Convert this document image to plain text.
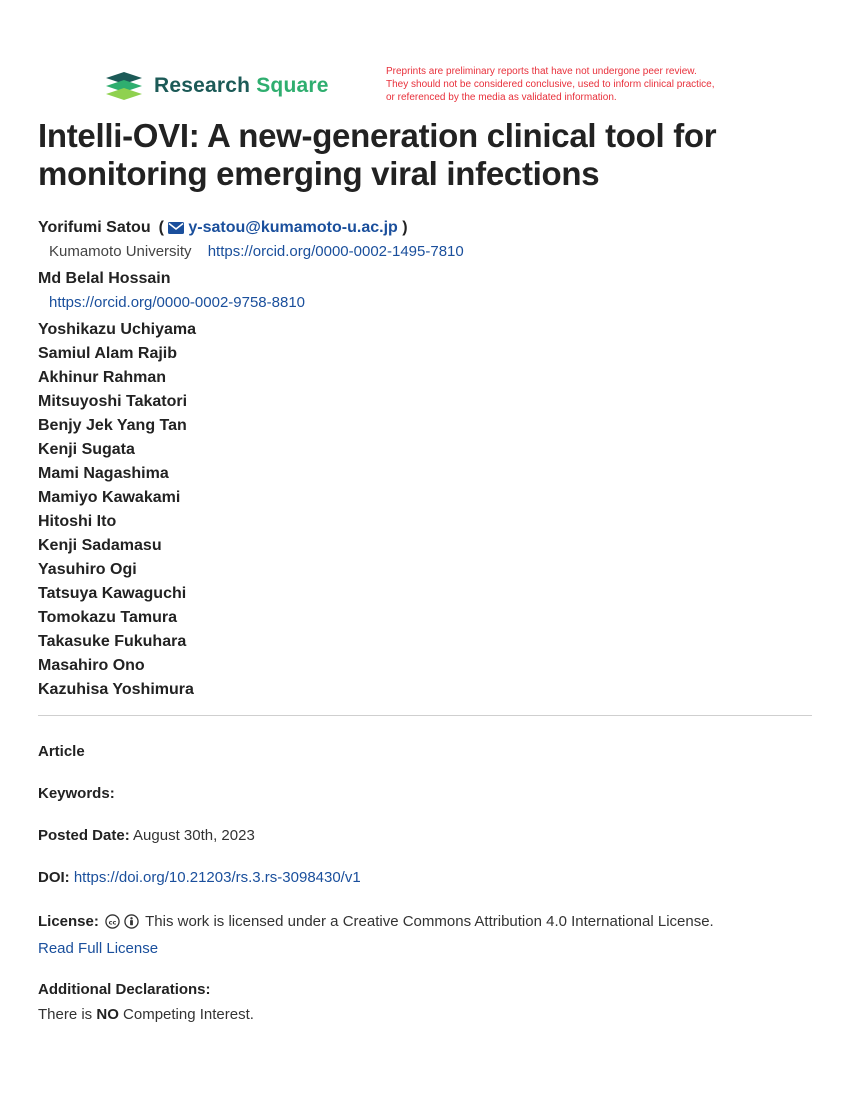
Research Square
Preprints are preliminary reports that have not undergone peer review.
They should not be considered conclusive, used to inform clinical practice,
or referenced by the media as validated information.
Intelli-OVI: A new-generation clinical tool for monitoring emerging viral infections
Yorifumi Satou ( y-satou@kumamoto-u.ac.jp )
Kumamoto University https://orcid.org/0000-0002-1495-7810
Md Belal Hossain
https://orcid.org/0000-0002-9758-8810
Yoshikazu Uchiyama
Samiul Alam Rajib
Akhinur Rahman
Mitsuyoshi Takatori
Benjy Jek Yang Tan
Kenji Sugata
Mami Nagashima
Mamiyo Kawakami
Hitoshi Ito
Kenji Sadamasu
Yasuhiro Ogi
Tatsuya Kawaguchi
Tomokazu Tamura
Takasuke Fukuhara
Masahiro Ono
Kazuhisa Yoshimura
Article
Keywords:
Posted Date: August 30th, 2023
DOI: https://doi.org/10.21203/rs.3.rs-3098430/v1
License: cc This work is licensed under a Creative Commons Attribution 4.0 International License.
Read Full License
Additional Declarations:
There is NO Competing Interest.
